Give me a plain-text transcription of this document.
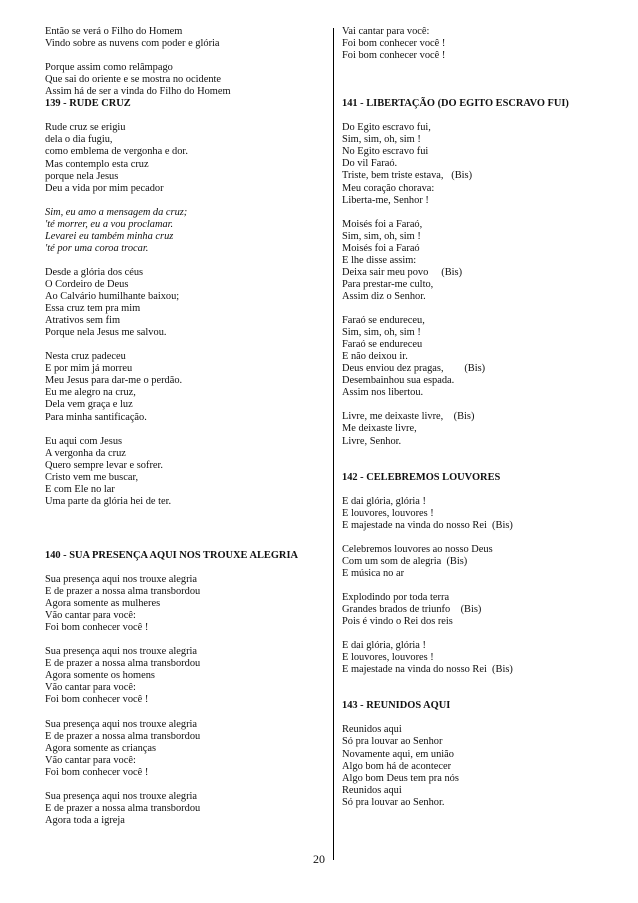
Então se verá o Filho do Homem
Vindo sobre as nuvens com poder e glória
Porque assim como relâmpago
Que sai do oriente e se mostra no ocidente
Assim há de ser a vinda do Filho do Homem
139 - RUDE CRUZ
Rude cruz se erigiu
dela o dia fugiu,
como emblema de vergonha e dor.
Mas contemplo esta cruz
porque nela Jesus
Deu a vida por mim pecador
Sim, eu amo a mensagem da cruz;
'té morrer, eu a vou proclamar.
Levarei eu também minha cruz
'té por uma coroa trocar.
Desde a glória dos céus
O Cordeiro de Deus
Ao Calvário humilhante baixou;
Essa cruz tem pra mim
Atrativos sem fim
Porque nela Jesus me salvou.
Nesta cruz padeceu
E por mim já morreu
Meu Jesus para dar-me o perdão.
Eu me alegro na cruz,
Dela vem graça e luz
Para minha santificação.
Eu aqui com Jesus
A vergonha da cruz
Quero sempre levar e sofrer.
Cristo vem me buscar,
E com Ele no lar
Uma parte da glória hei de ter.
140 - SUA PRESENÇA AQUI NOS TROUXE ALEGRIA
Sua presença aqui nos trouxe alegria
E de prazer a nossa alma transbordou
Agora somente as mulheres
Vão cantar para você:
Foi bom conhecer você !
Sua presença aqui nos trouxe alegria
E de prazer a nossa alma transbordou
Agora somente os homens
Vão cantar para você:
Foi bom conhecer você !
Sua presença aqui nos trouxe alegria
E de prazer a nossa alma transbordou
Agora somente as crianças
Vão cantar para você:
Foi bom conhecer você !
Sua presença aqui nos trouxe alegria
E de prazer a nossa alma transbordou
Agora toda a igreja
Vai cantar para você:
Foi bom conhecer você !
Foi bom conhecer você !
141 - LIBERTAÇÃO (DO EGITO ESCRAVO FUI)
Do Egito escravo fui,
Sim, sim, oh, sim !
No Egito escravo fui
Do vil Faraó.
Triste, bem triste estava,   (Bis)
Meu coração chorava:
Liberta-me, Senhor !
Moisés foi a Faraó,
Sim, sim, oh, sim !
Moisés foi a Faraó
E lhe disse assim:
Deixa sair meu povo     (Bis)
Para prestar-me culto,
Assim diz o Senhor.
Faraó se endureceu,
Sim, sim, oh, sim !
Faraó se endureceu
E não deixou ir.
Deus enviou dez pragas,        (Bis)
Desembainhou sua espada.
Assim nos libertou.
Livre, me deixaste livre,    (Bis)
Me deixaste livre,
Livre, Senhor.
142 - CELEBREMOS LOUVORES
E dai glória, glória !
E louvores, louvores !
E majestade na vinda do nosso Rei  (Bis)
Celebremos louvores ao nosso Deus
Com um som de alegria  (Bis)
E música no ar
Explodindo por toda terra
Grandes brados de triunfo    (Bis)
Pois é vindo o Rei dos reis
E dai glória, glória !
E louvores, louvores !
E majestade na vinda do nosso Rei  (Bis)
143 - REUNIDOS AQUI
Reunidos aqui
Só pra louvar ao Senhor
Novamente aqui, em união
Algo bom há de acontecer
Algo bom Deus tem pra nós
Reunidos aqui
Só pra louvar ao Senhor.
20
